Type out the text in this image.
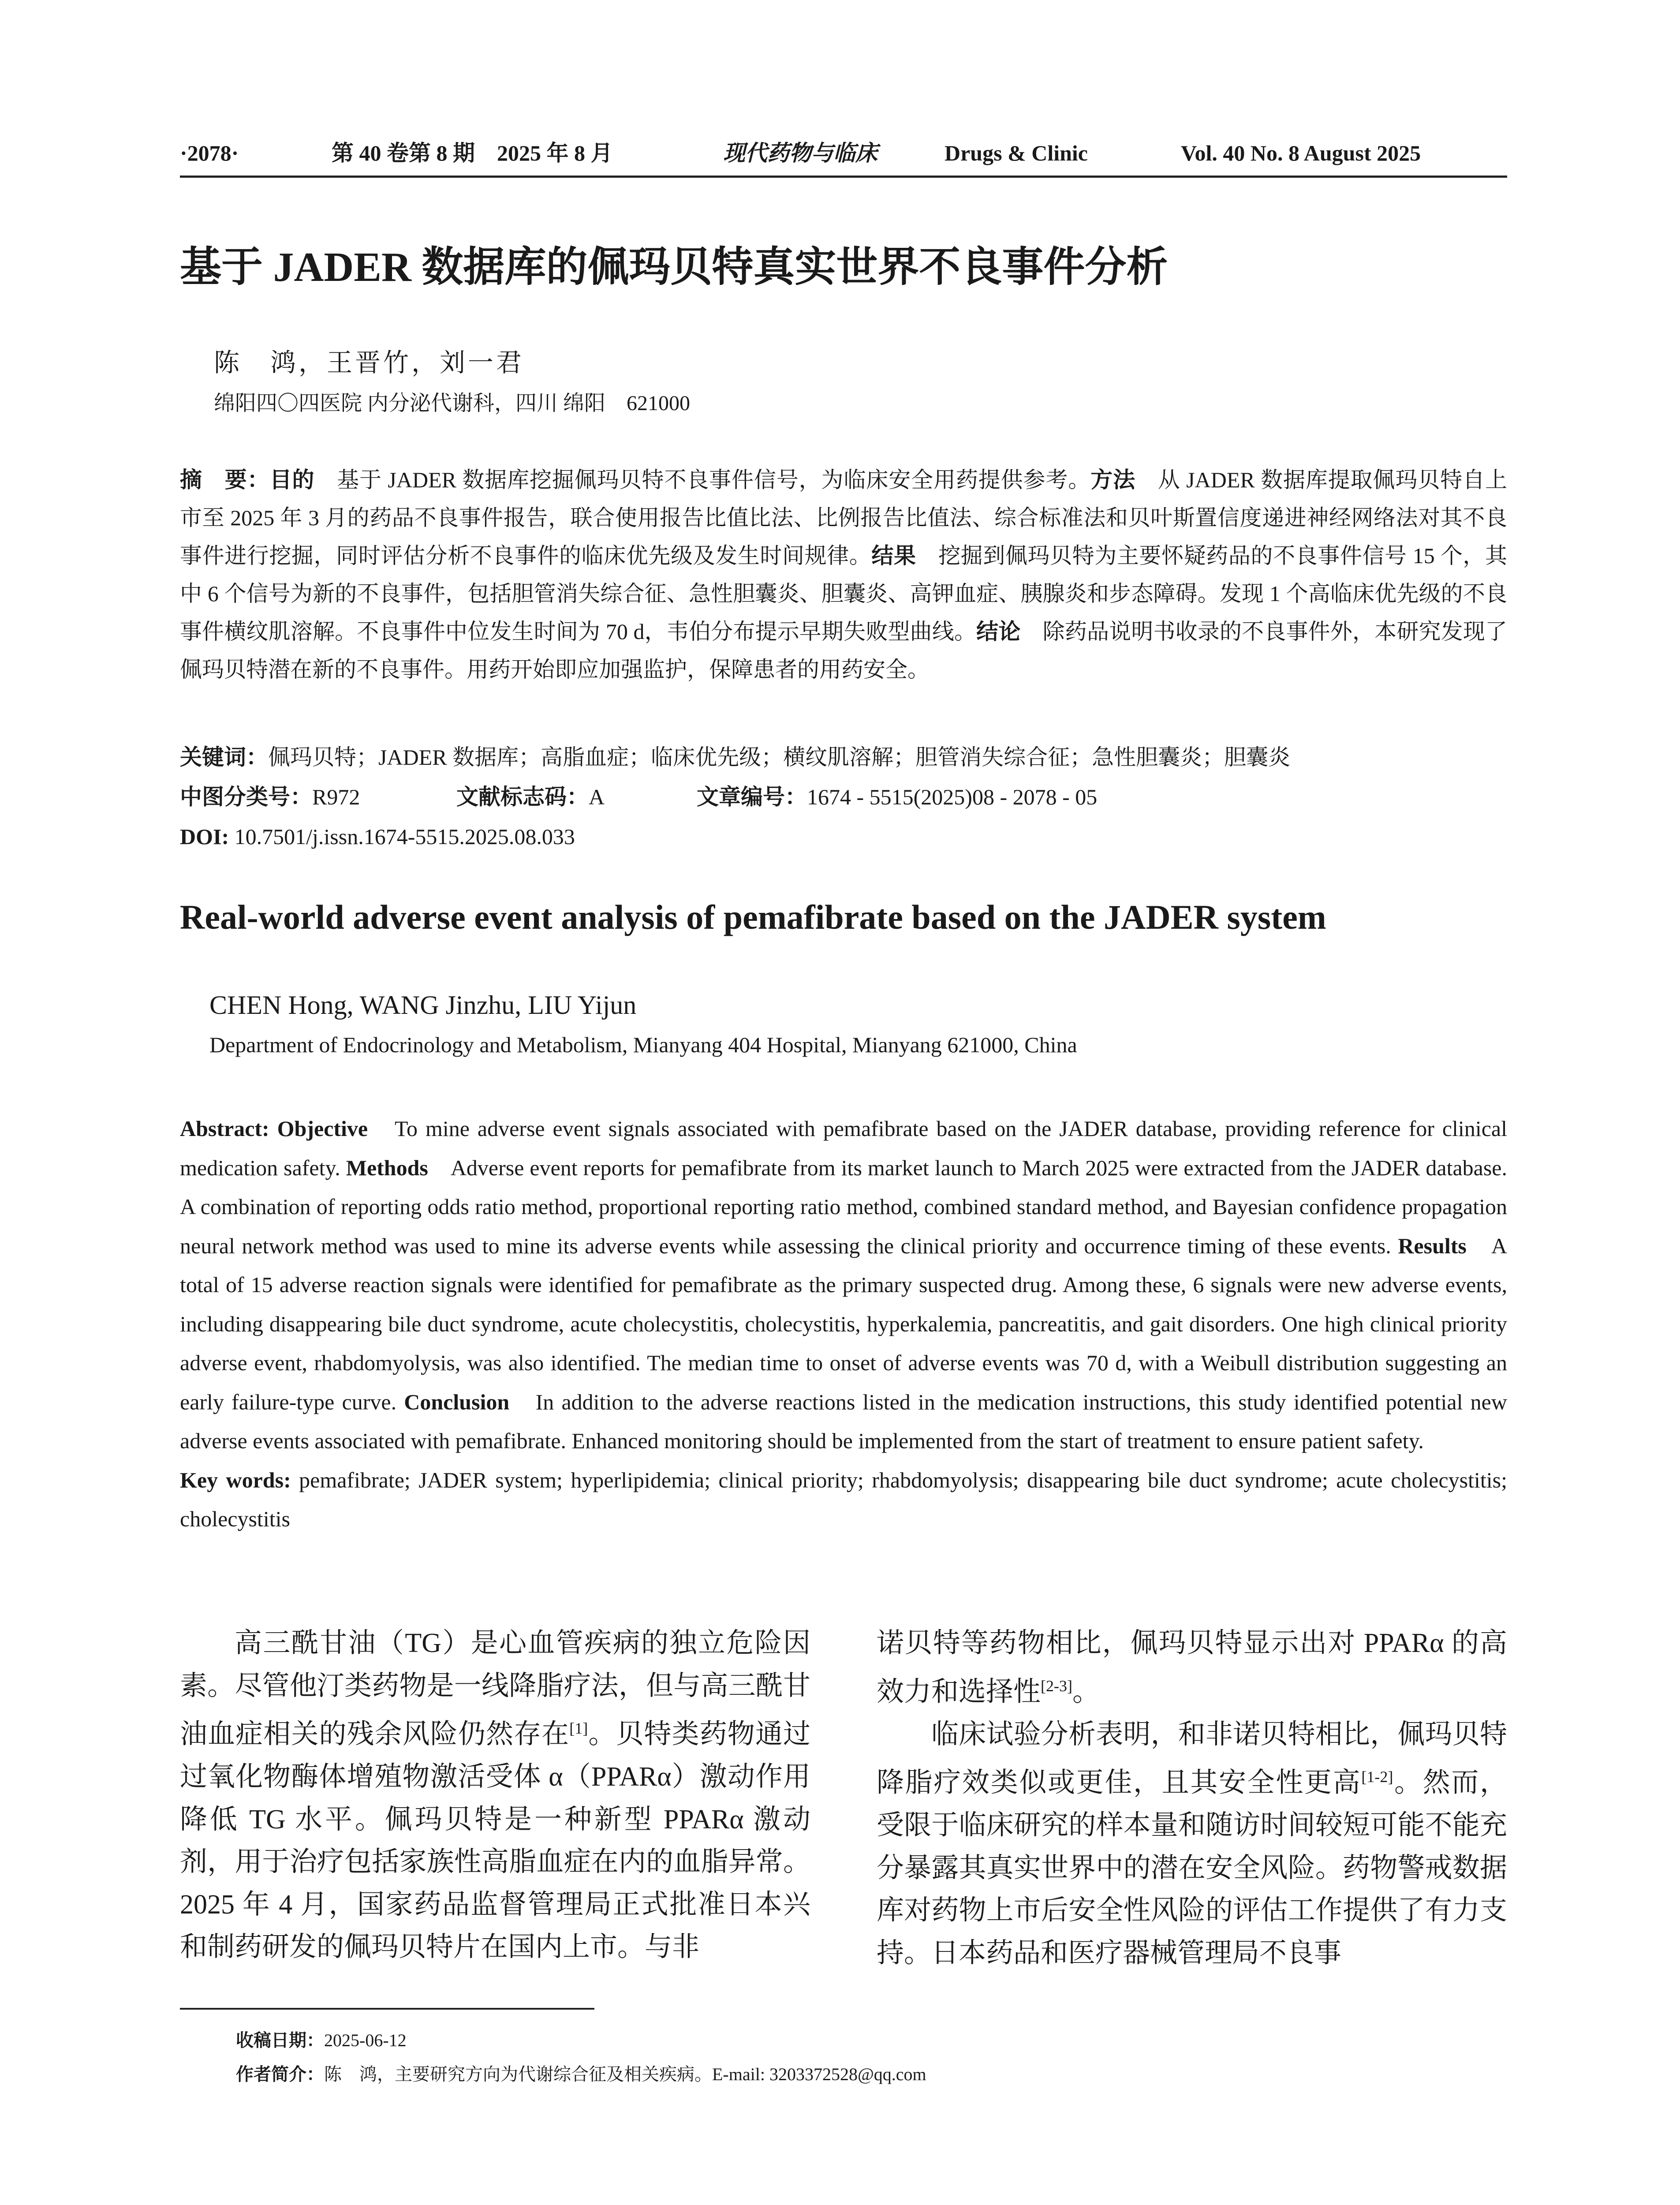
·2078·	第 40 卷第 8 期　2025 年 8 月	现代药物与临床	Drugs & Clinic	Vol. 40 No. 8 August 2025
基于 JADER 数据库的佩玛贝特真实世界不良事件分析
陈　鸿，王晋竹，刘一君
绵阳四〇四医院 内分泌代谢科，四川 绵阳　621000
摘　要：目的　基于 JADER 数据库挖掘佩玛贝特不良事件信号，为临床安全用药提供参考。方法　从 JADER 数据库提取佩玛贝特自上市至 2025 年 3 月的药品不良事件报告，联合使用报告比值比法、比例报告比值法、综合标准法和贝叶斯置信度递进神经网络法对其不良事件进行挖掘，同时评估分析不良事件的临床优先级及发生时间规律。结果　挖掘到佩玛贝特为主要怀疑药品的不良事件信号 15 个，其中 6 个信号为新的不良事件，包括胆管消失综合征、急性胆囊炎、胆囊炎、高钾血症、胰腺炎和步态障碍。发现 1 个高临床优先级的不良事件横纹肌溶解。不良事件中位发生时间为 70 d，韦伯分布提示早期失败型曲线。结论　除药品说明书收录的不良事件外，本研究发现了佩玛贝特潜在新的不良事件。用药开始即应加强监护，保障患者的用药安全。
关键词：佩玛贝特；JADER 数据库；高脂血症；临床优先级；横纹肌溶解；胆管消失综合征；急性胆囊炎；胆囊炎
中图分类号：R972	文献标志码：A	文章编号：1674 - 5515(2025)08 - 2078 - 05
DOI: 10.7501/j.issn.1674-5515.2025.08.033
Real-world adverse event analysis of pemafibrate based on the JADER system
CHEN Hong, WANG Jinzhu, LIU Yijun
Department of Endocrinology and Metabolism, Mianyang 404 Hospital, Mianyang 621000, China
Abstract: Objective　To mine adverse event signals associated with pemafibrate based on the JADER database, providing reference for clinical medication safety. Methods　Adverse event reports for pemafibrate from its market launch to March 2025 were extracted from the JADER database. A combination of reporting odds ratio method, proportional reporting ratio method, combined standard method, and Bayesian confidence propagation neural network method was used to mine its adverse events while assessing the clinical priority and occurrence timing of these events. Results　A total of 15 adverse reaction signals were identified for pemafibrate as the primary suspected drug. Among these, 6 signals were new adverse events, including disappearing bile duct syndrome, acute cholecystitis, cholecystitis, hyperkalemia, pancreatitis, and gait disorders. One high clinical priority adverse event, rhabdomyolysis, was also identified. The median time to onset of adverse events was 70 d, with a Weibull distribution suggesting an early failure-type curve. Conclusion　In addition to the adverse reactions listed in the medication instructions, this study identified potential new adverse events associated with pemafibrate. Enhanced monitoring should be implemented from the start of treatment to ensure patient safety.
Key words: pemafibrate; JADER system; hyperlipidemia; clinical priority; rhabdomyolysis; disappearing bile duct syndrome; acute cholecystitis; cholecystitis

高三酰甘油（TG）是心血管疾病的独立危险因素。尽管他汀类药物是一线降脂疗法，但与高三酰甘油血症相关的残余风险仍然存在[1]。贝特类药物通过过氧化物酶体增殖物激活受体 α（PPARα）激动作用降低 TG 水平。佩玛贝特是一种新型 PPARα 激动剂，用于治疗包括家族性高脂血症在内的血脂异常。2025 年 4 月，国家药品监督管理局正式批准日本兴和制药研发的佩玛贝特片在国内上市。与非

诺贝特等药物相比，佩玛贝特显示出对 PPARα 的高效力和选择性[2-3]。

临床试验分析表明，和非诺贝特相比，佩玛贝特降脂疗效类似或更佳，且其安全性更高[1-2]。然而，受限于临床研究的样本量和随访时间较短可能不能充分暴露其真实世界中的潜在安全风险。药物警戒数据库对药物上市后安全性风险的评估工作提供了有力支持。日本药品和医疗器械管理局不良事

收稿日期：2025-06-12
作者简介：陈　鸿，主要研究方向为代谢综合征及相关疾病。E-mail: 3203372528@qq.com
